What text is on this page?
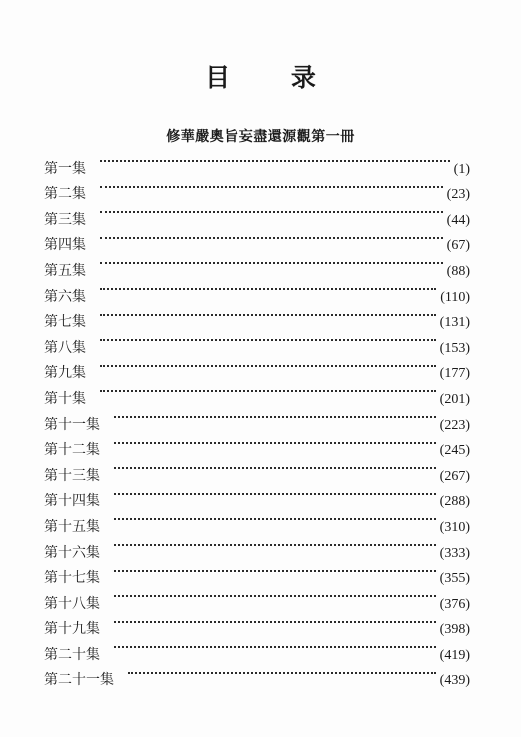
目 录
修華嚴奧旨妄盡還源觀第一冊
第一集	(1)
第二集	(23)
第三集	(44)
第四集	(67)
第五集	(88)
第六集	(110)
第七集	(131)
第八集	(153)
第九集	(177)
第十集	(201)
第十一集	(223)
第十二集	(245)
第十三集	(267)
第十四集	(288)
第十五集	(310)
第十六集	(333)
第十七集	(355)
第十八集	(376)
第十九集	(398)
第二十集	(419)
第二十一集	(439)
